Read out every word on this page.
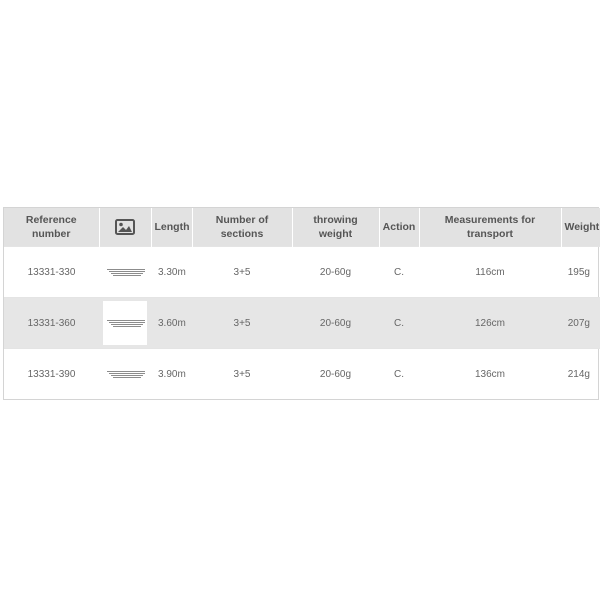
Reference number		Length	Number of sections	throwing weight	Action	Measurements for transport	Weight
13331-330		3.30m	3+5	20-60g	C.	116cm	195g
13331-360		3.60m	3+5	20-60g	C.	126cm	207g
13331-390		3.90m	3+5	20-60g	C.	136cm	214g
